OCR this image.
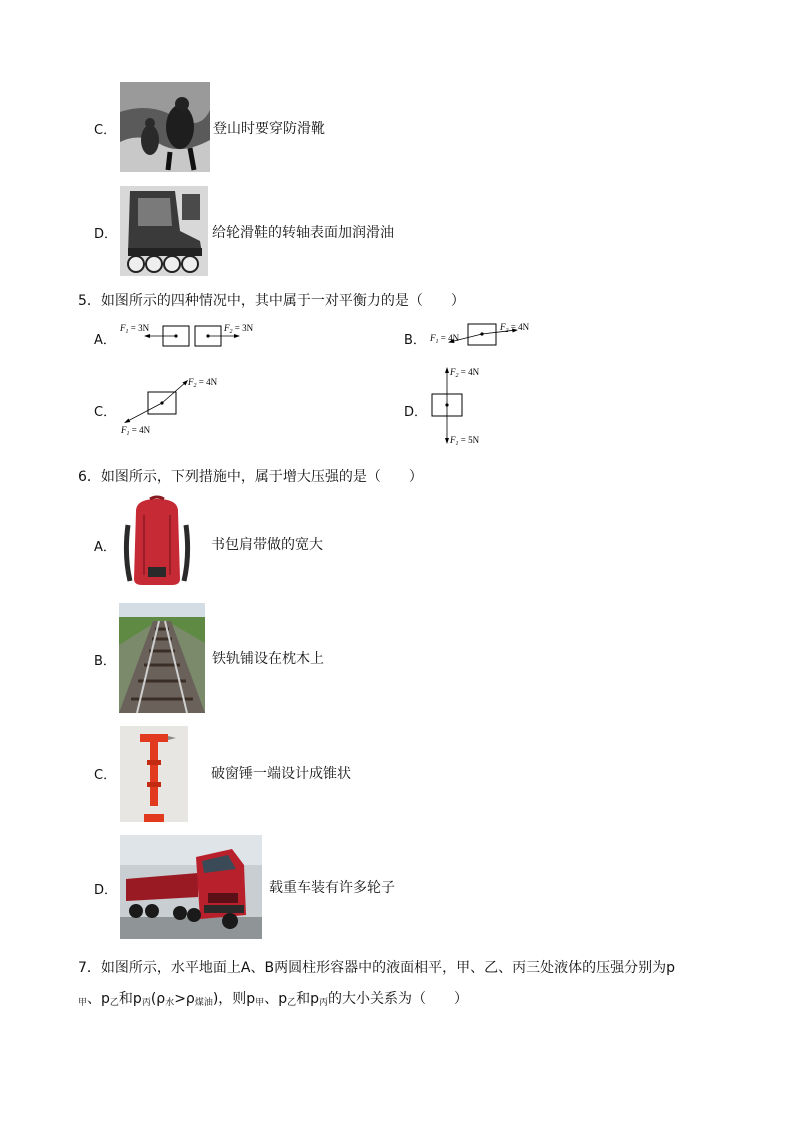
C．	登山时要穿防滑靴
D．	给轮滑鞋的转轴表面加润滑油
5．如图所示的四种情况中，其中属于一对平衡力的是（　　）
A．
$F_1 = 3N$	$F_2 = 3N$
B． $F_1 = 4N$
$F_2 = 4N$
C．
$F_2 = 4N$
$F_1 = 4N$
D．
$F_2 = 4N$
$F_1 = 5N$
6．如图所示，下列措施中，属于增大压强的是（　　）
A．	书包肩带做的宽大
B．	铁轨铺设在枕木上
C．	破窗锤一端设计成锥状
D．	载重车装有许多轮子
7．如图所示，水平地面上A、B两圆柱形容器中的液面相平，甲、乙、丙三处液体的压强分别为p
$_甲$、$p_乙$和$p_丙(\rho_水>\rho_{煤油})$，则$p_甲$、$p_乙$和$p_丙$的大小关系为（　　）
